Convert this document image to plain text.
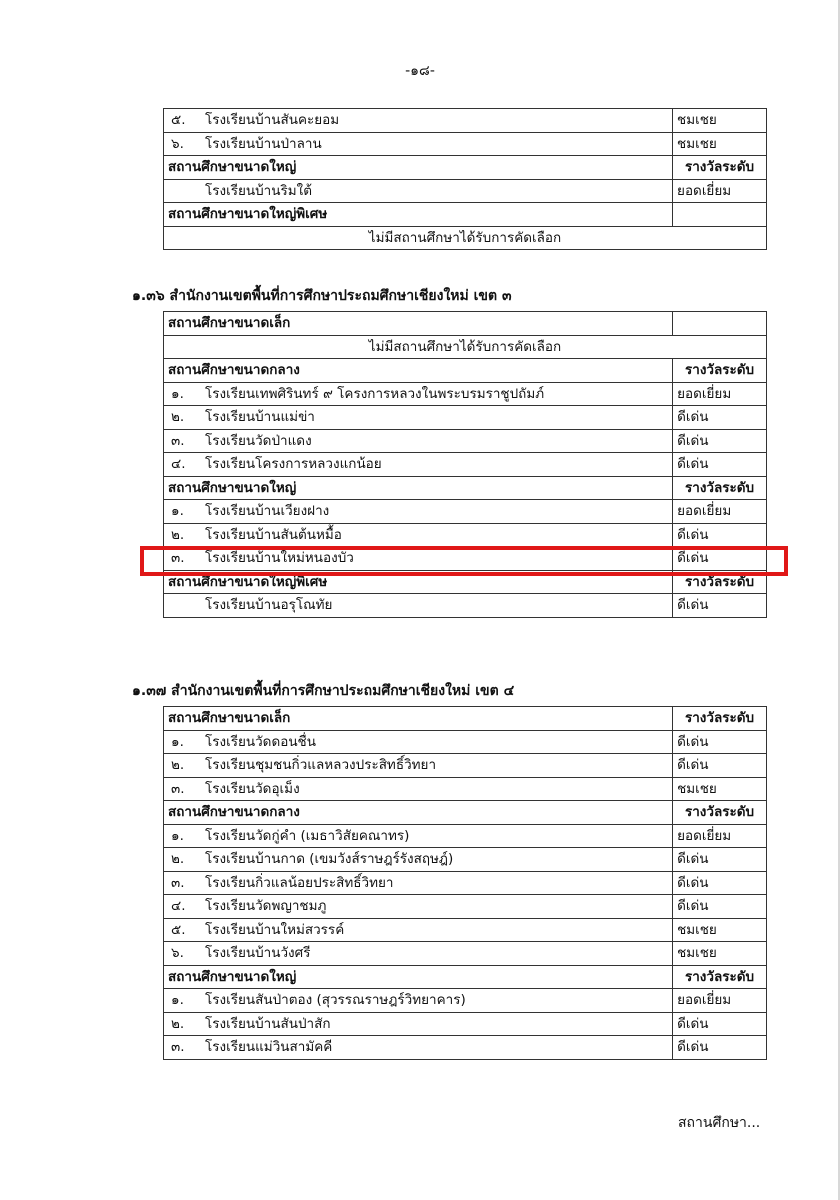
-๑๘-
๕. โรงเรียนบ้านสันคะยอม	ชมเชย
๖. โรงเรียนบ้านป่าลาน	ชมเชย
สถานศึกษาขนาดใหญ่	รางวัลระดับ
โรงเรียนบ้านริมใต้	ยอดเยี่ยม
สถานศึกษาขนาดใหญ่พิเศษ	
ไม่มีสถานศึกษาได้รับการคัดเลือก	
๑.๓๖ สำนักงานเขตพื้นที่การศึกษาประถมศึกษาเชียงใหม่ เขต ๓
สถานศึกษาขนาดเล็ก	
ไม่มีสถานศึกษาได้รับการคัดเลือก	
สถานศึกษาขนาดกลาง	รางวัลระดับ
๑. โรงเรียนเทพศิรินทร์ ๙ โครงการหลวงในพระบรมราชูปถัมภ์	ยอดเยี่ยม
๒. โรงเรียนบ้านแม่ข่า	ดีเด่น
๓. โรงเรียนวัดป่าแดง	ดีเด่น
๔. โรงเรียนโครงการหลวงแกน้อย	ดีเด่น
สถานศึกษาขนาดใหญ่	รางวัลระดับ
๑. โรงเรียนบ้านเวียงฝาง	ยอดเยี่ยม
๒. โรงเรียนบ้านสันต้นหมื้อ	ดีเด่น
๓. โรงเรียนบ้านใหม่หนองบัว	ดีเด่น
สถานศึกษาขนาดใหญ่พิเศษ	รางวัลระดับ
โรงเรียนบ้านอรุโณทัย	ดีเด่น
๑.๓๗ สำนักงานเขตพื้นที่การศึกษาประถมศึกษาเชียงใหม่ เขต ๔
สถานศึกษาขนาดเล็ก	รางวัลระดับ
๑. โรงเรียนวัดดอนชื่น	ดีเด่น
๒. โรงเรียนชุมชนกิ่วแลหลวงประสิทธิ์วิทยา	ดีเด่น
๓. โรงเรียนวัดอุเม็ง	ชมเชย
สถานศึกษาขนาดกลาง	รางวัลระดับ
๑. โรงเรียนวัดกู่คำ (เมธาวิสัยคณาทร)	ยอดเยี่ยม
๒. โรงเรียนบ้านกาด (เขมวังส์ราษฎร์รังสฤษฎ์)	ดีเด่น
๓. โรงเรียนกิ่วแลน้อยประสิทธิ์วิทยา	ดีเด่น
๔. โรงเรียนวัดพญาชมภู	ดีเด่น
๕. โรงเรียนบ้านใหม่สวรรค์	ชมเชย
๖. โรงเรียนบ้านวังศรี	ชมเชย
สถานศึกษาขนาดใหญ่	รางวัลระดับ
๑. โรงเรียนสันป่าตอง (สุวรรณราษฎร์วิทยาคาร)	ยอดเยี่ยม
๒. โรงเรียนบ้านสันป่าสัก	ดีเด่น
๓. โรงเรียนแม่วินสามัคคี	ดีเด่น
สถานศึกษา...
